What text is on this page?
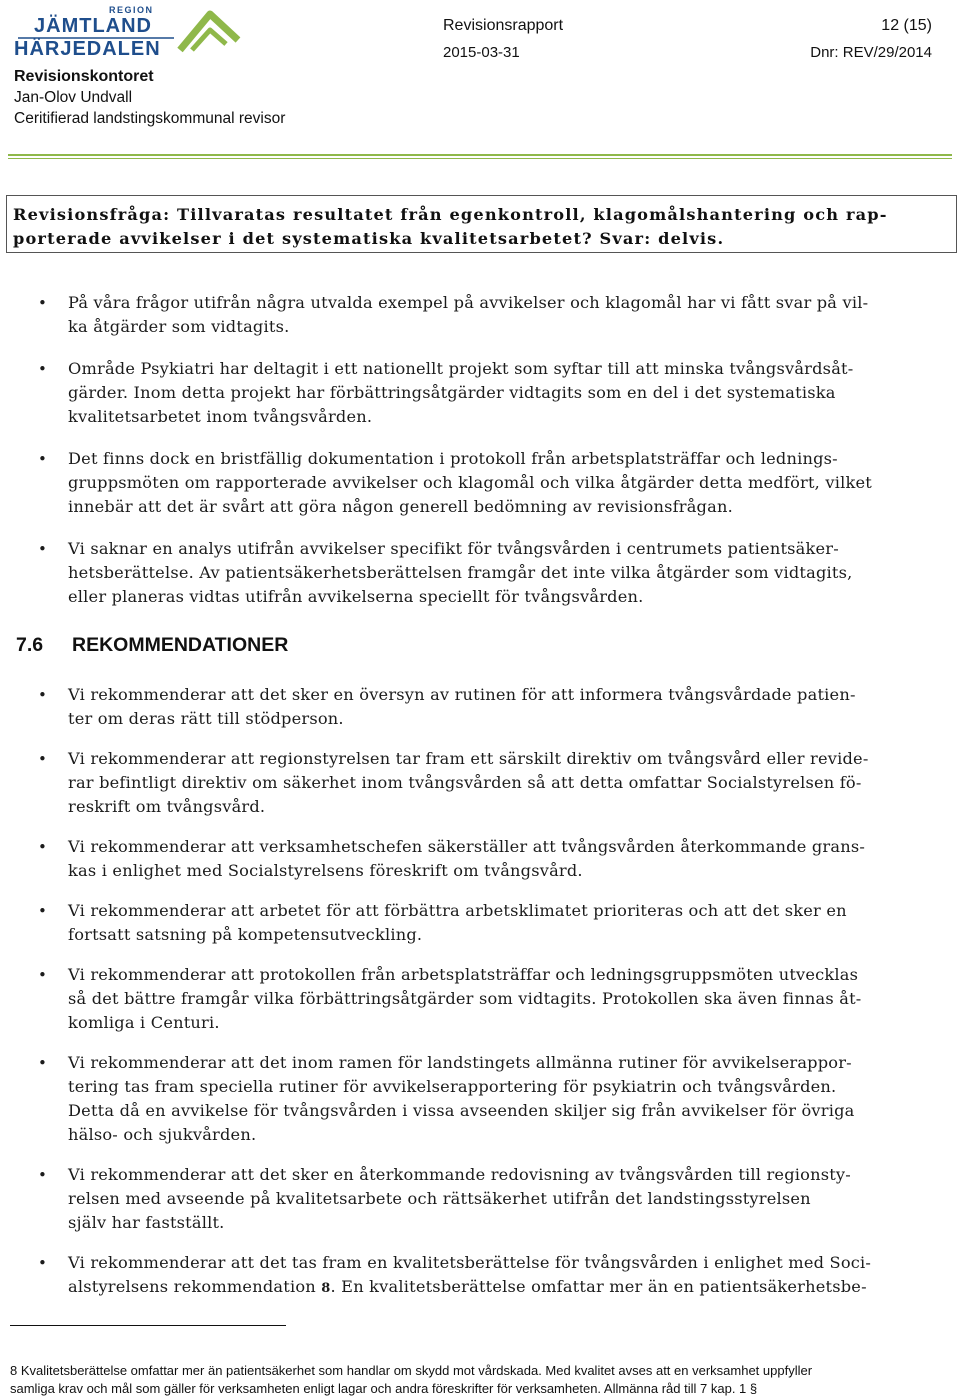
REGION
JÄMTLAND
HÄRJEDALEN
Revisionskontoret
Jan-Olov Undvall
Ceritifierad landstingskommunal revisor
Revisionsrapport	12 (15)
2015-03-31	Dnr: REV/29/2014

Revisionsfråga: Tillvaratas resultatet från egenkontroll, klagomålshantering och rap-
porterade avvikelser i det systematiska kvalitetsarbetet? Svar: delvis.

• På våra frågor utifrån några utvalda exempel på avvikelser och klagomål har vi fått svar på vil-
ka åtgärder som vidtagits.
• Område Psykiatri har deltagit i ett nationellt projekt som syftar till att minska tvångsvårdsåt-
gärder. Inom detta projekt har förbättringsåtgärder vidtagits som en del i det systematiska
kvalitetsarbetet inom tvångsvården.
• Det finns dock en bristfällig dokumentation i protokoll från arbetsplatsträffar och lednings-
gruppsmöten om rapporterade avvikelser och klagomål och vilka åtgärder detta medfört, vilket
innebär att det är svårt att göra någon generell bedömning av revisionsfrågan.
• Vi saknar en analys utifrån avvikelser specifikt för tvångsvården i centrumets patientsäker-
hetsberättelse. Av patientsäkerhetsberättelsen framgår det inte vilka åtgärder som vidtagits,
eller planeras vidtas utifrån avvikelserna speciellt för tvångsvården.
7.6 REKOMMENDATIONER
• Vi rekommenderar att det sker en översyn av rutinen för att informera tvångsvårdade patien-
ter om deras rätt till stödperson.
• Vi rekommenderar att regionstyrelsen tar fram ett särskilt direktiv om tvångsvård eller revide-
rar befintligt direktiv om säkerhet inom tvångsvården så att detta omfattar Socialstyrelsen fö-
reskrift om tvångsvård.
• Vi rekommenderar att verksamhetschefen säkerställer att tvångsvården återkommande grans-
kas i enlighet med Socialstyrelsens föreskrift om tvångsvård.
• Vi rekommenderar att arbetet för att förbättra arbetsklimatet prioriteras och att det sker en
fortsatt satsning på kompetensutveckling.
• Vi rekommenderar att protokollen från arbetsplatsträffar och ledningsgruppsmöten utvecklas
så det bättre framgår vilka förbättringsåtgärder som vidtagits. Protokollen ska även finnas åt-
komliga i Centuri.
• Vi rekommenderar att det inom ramen för landstingets allmänna rutiner för avvikelserappor-
tering tas fram speciella rutiner för avvikelserapportering för psykiatrin och tvångsvården.
Detta då en avvikelse för tvångsvården i vissa avseenden skiljer sig från avvikelser för övriga
hälso- och sjukvården.
• Vi rekommenderar att det sker en återkommande redovisning av tvångsvården till regionsty-
relsen med avseende på kvalitetsarbete och rättsäkerhet utifrån det landstingsstyrelsen
själv har fastställt.
• Vi rekommenderar att det tas fram en kvalitetsberättelse för tvångsvården i enlighet med Soci-
alstyrelsens rekommendation 8. En kvalitetsberättelse omfattar mer än en patientsäkerhetsbe-

8 Kvalitetsberättelse omfattar mer än patientsäkerhet som handlar om skydd mot vårdskada. Med kvalitet avses att en verksamhet uppfyller

samliga krav och mål som gäller för verksamheten enligt lagar och andra föreskrifter för verksamheten. Allmänna råd till 7 kap. 1 §
